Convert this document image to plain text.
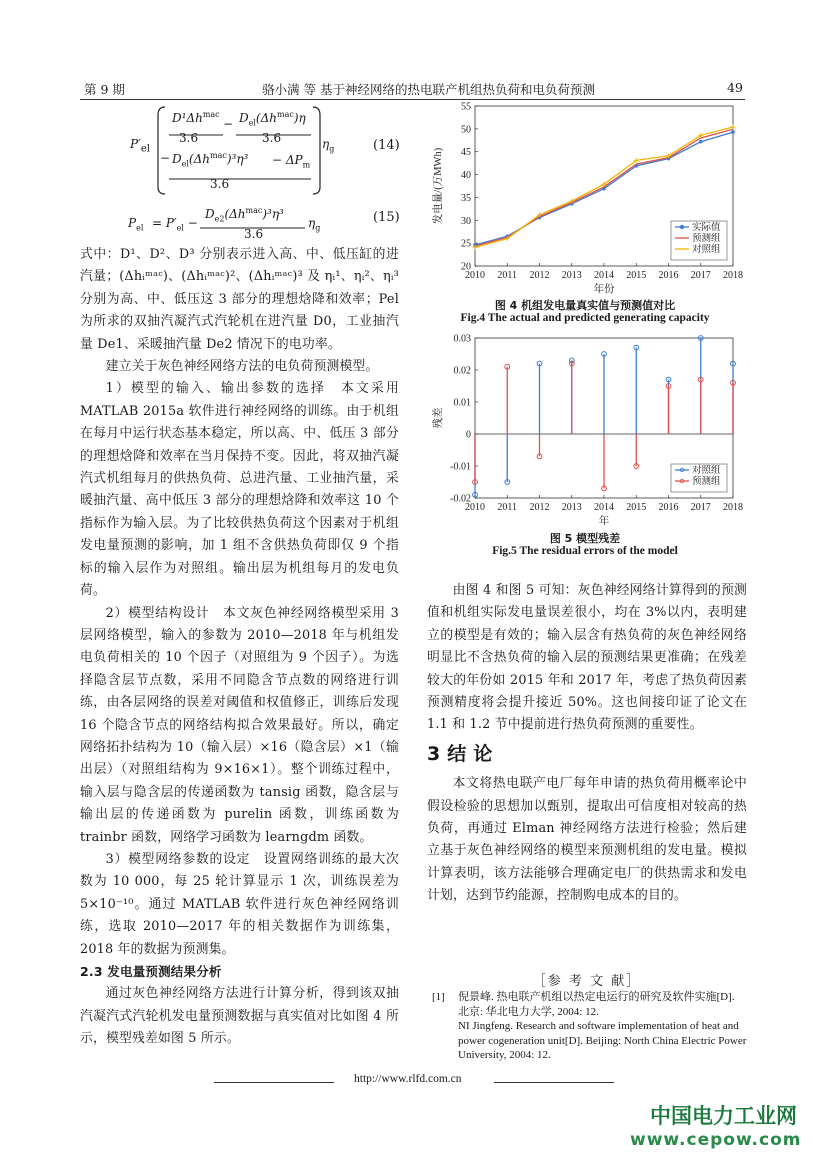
第 9 期	骆小满 等 基于神经网络的热电联产机组热负荷和电负荷预测	49
$P'_{el}$
$D^1\Delta h^{mac}$
3.6
− $D_{el}(\Delta h^{mac})\eta$
3.6
− $D_{el}(\Delta h^{mac})^3\eta^3 - \Delta P_m$
3.6
$\eta_g$	(14)
$P_{el} = P'_{el}$ −
$D_{e2}(\Delta h^{mac})^3\eta^3$
3.6
$\eta_g$
(15)

式中：D¹、D²、D³ 分别表示进入高、中、低压缸的进汽量；(Δhᵢᵐᵃᶜ)、(Δhᵢᵐᵃᶜ)²、(Δhᵢᵐᵃᶜ)³ 及 ηᵢ¹、ηᵢ²、ηᵢ³ 分别为高、中、低压这 3 部分的理想焓降和效率；Pel 为所求的双抽汽凝汽式汽轮机在进汽量 D0，工业抽汽量 De1、采暖抽汽量 De2 情况下的电功率。

建立关于灰色神经网络方法的电负荷预测模型。

1）模型的输入、输出参数的选择　 本文采用 MATLAB 2015a 软件进行神经网络的训练。由于机组在每月中运行状态基本稳定，所以高、中、低压 3 部分的理想焓降和效率在当月保持不变。因此，将双抽汽凝汽式机组每月的供热负荷、总进汽量、工业抽汽量，采暖抽汽量、高中低压 3 部分的理想焓降和效率这 10 个指标作为输入层。为了比较供热负荷这个因素对于机组发电量预测的影响，加 1 组不含供热负荷即仅 9 个指标的输入层作为对照组。输出层为机组每月的发电负荷。

2）模型结构设计　 本文灰色神经网络模型采用 3 层网络模型，输入的参数为 2010—2018 年与机组发电负荷相关的 10 个因子（对照组为 9 个因子）。为选择隐含层节点数，采用不同隐含节点数的网络进行训练，由各层网络的误差对阈值和权值修正，训练后发现 16 个隐含节点的网络结构拟合效果最好。所以，确定网络拓扑结构为 10（输入层）×16（隐含层）×1（输出层）（对照组结构为 9×16×1）。整个训练过程中，输入层与隐含层的传递函数为 tansig 函数，隐含层与输出层的传递函数为 purelin 函数，训练函数为 trainbr 函数，网络学习函数为 learngdm 函数。

3）模型网络参数的设定　 设置网络训练的最大次数为 10 000，每 25 轮计算显示 1 次，训练误差为 5×10⁻¹⁰。通过 MATLAB 软件进行灰色神经网络训练，选取 2010—2017 年的相关数据作为训练集，2018 年的数据为预测集。

2.3 发电量预测结果分析

通过灰色神经网络方法进行计算分析，得到该双抽汽凝汽式汽轮机发电量预测数据与真实值对比如图 4 所示，模型残差如图 5 所示。

20
25
30
35
40
45
50
55
2010 2011 2012 2013 2014 2015 2016 2017 2018
年份
发电量/(万MWh)
实际值
预测组
对照组
图 4 机组发电量真实值与预测值对比
Fig.4 The actual and predicted generating capacity
-0.02
-0.01
0
0.01
0.02
0.03
2010 2011 2012 2013 2014 2015 2016 2017 2018
年
残差
对照组
预测组
图 5 模型残差
Fig.5 The residual errors of the model

由图 4 和图 5 可知：灰色神经网络计算得到的预测值和机组实际发电量误差很小，均在 3%以内，表明建立的模型是有效的；输入层含有热负荷的灰色神经网络明显比不含热负荷的输入层的预测结果更准确；在残差较大的年份如 2015 年和 2017 年，考虑了热负荷因素预测精度将会提升接近 50%。这也间接印证了论文在 1.1 和 1.2 节中提前进行热负荷预测的重要性。

3 结 论

本文将热电联产电厂每年申请的热负荷用概率论中假设检验的思想加以甄别，提取出可信度相对较高的热负荷，再通过 Elman 神经网络方法进行检验；然后建立基于灰色神经网络的模型来预测机组的发电量。模拟计算表明，该方法能够合理确定电厂的供热需求和发电计划，达到节约能源，控制购电成本的目的。

［参 考 文 献］
[1] 倪景峰. 热电联产机组以热定电运行的研究及软件实施[D]. 北京: 华北电力大学, 2004: 12.
NI Jingfeng. Research and software implementation of heat and power cogeneration unit[D]. Beijing: North China Electric Power University, 2004: 12.
http://www.rlfd.com.cn
中国电力工业网
www.cepow.com
